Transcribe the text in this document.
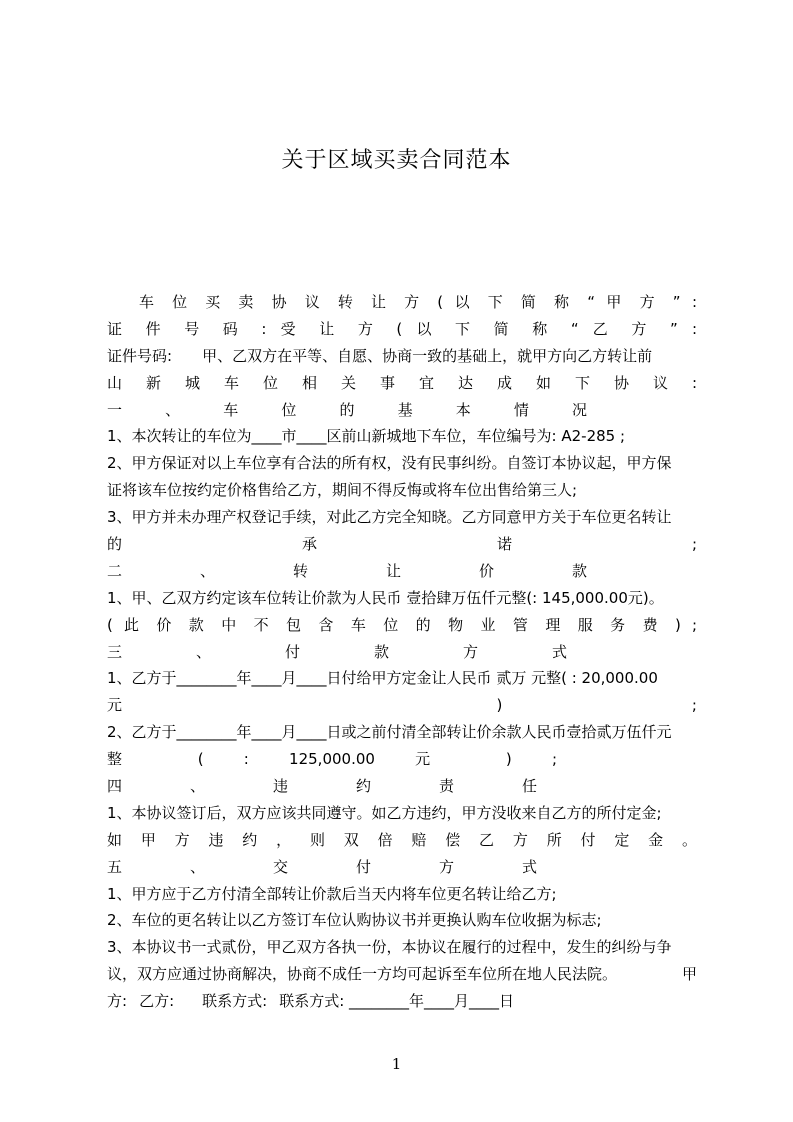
关于区域买卖合同范本
车 位 买 卖 协 议 转 让 方 ( 以 下 简 称 “ 甲 方 ” :
证 件 号 码 : 受 让 方 ( 以 下 简 称 “ 乙 方 ” :
证件号码: 甲、乙双方在平等、自愿、协商一致的基础上，就甲方向乙方转让前
山 新 城 车 位 相 关 事 宜 达 成 如 下 协 议 :
一 、 车 位 的 基 本 情 况
1、本次转让的车位为____市____区前山新城地下车位，车位编号为: A2-285 ;
2、甲方保证对以上车位享有合法的所有权，没有民事纠纷。自签订本协议起，甲方保
证将该车位按约定价格售给乙方，期间不得反悔或将车位出售给第三人;
3、甲方并未办理产权登记手续，对此乙方完全知晓。乙方同意甲方关于车位更名转让
的 承 诺 ;
二 、 转 让 价 款
1、甲、乙双方约定该车位转让价款为人民币 壹拾肆万伍仟元整(: 145,000.00元)。
( 此 价 款 中 不 包 含 车 位 的 物 业 管 理 服 务 费 ) ;
三 、 付 款 方 式
1、乙方于________年____月____日付给甲方定金让人民币 贰万 元整( : 20,000.00
元 ) ;
2、乙方于________年____月____日或之前付清全部转让价余款人民币壹拾贰万伍仟元
整 ( : 125,000.00 元 ) ;
四 、 违 约 责 任
1、本协议签订后，双方应该共同遵守。如乙方违约，甲方没收来自乙方的所付定金;
如 甲 方 违 约 ， 则 双 倍 赔 偿 乙 方 所 付 定 金 。
五 、 交 付 方 式
1、甲方应于乙方付清全部转让价款后当天内将车位更名转让给乙方;
2、车位的更名转让以乙方签订车位认购协议书并更换认购车位收据为标志;
3、本协议书一式贰份，甲乙双方各执一份，本协议在履行的过程中，发生的纠纷与争
议，双方应通过协商解决，协商不成任一方均可起诉至车位所在地人民法院。	甲
方: 乙方: 联系方式: 联系方式: ________年____月____日
1
